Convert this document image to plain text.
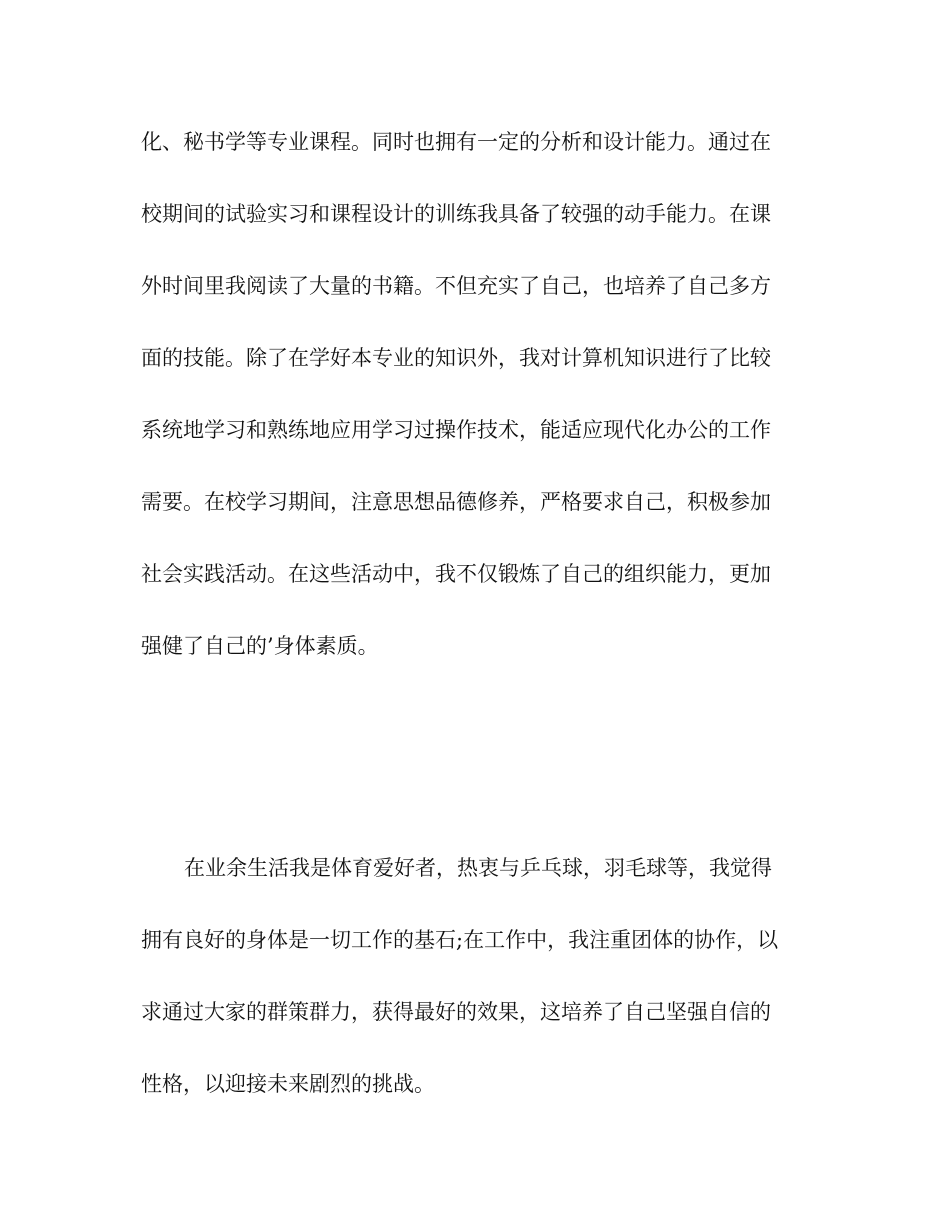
化、秘书学等专业课程。同时也拥有一定的分析和设计能力。通过在
校期间的试验实习和课程设计的训练我具备了较强的动手能力。在课
外时间里我阅读了大量的书籍。不但充实了自己，也培养了自己多方
面的技能。除了在学好本专业的知识外，我对计算机知识进行了比较
系统地学习和熟练地应用学习过操作技术，能适应现代化办公的工作
需要。在校学习期间，注意思想品德修养，严格要求自己，积极参加
社会实践活动。在这些活动中，我不仅锻炼了自己的组织能力，更加
强健了自己的’身体素质。
在业余生活我是体育爱好者，热衷与乒乓球，羽毛球等，我觉得
拥有良好的身体是一切工作的基石;在工作中，我注重团体的协作，以
求通过大家的群策群力，获得最好的效果，这培养了自己坚强自信的
性格，以迎接未来剧烈的挑战。
